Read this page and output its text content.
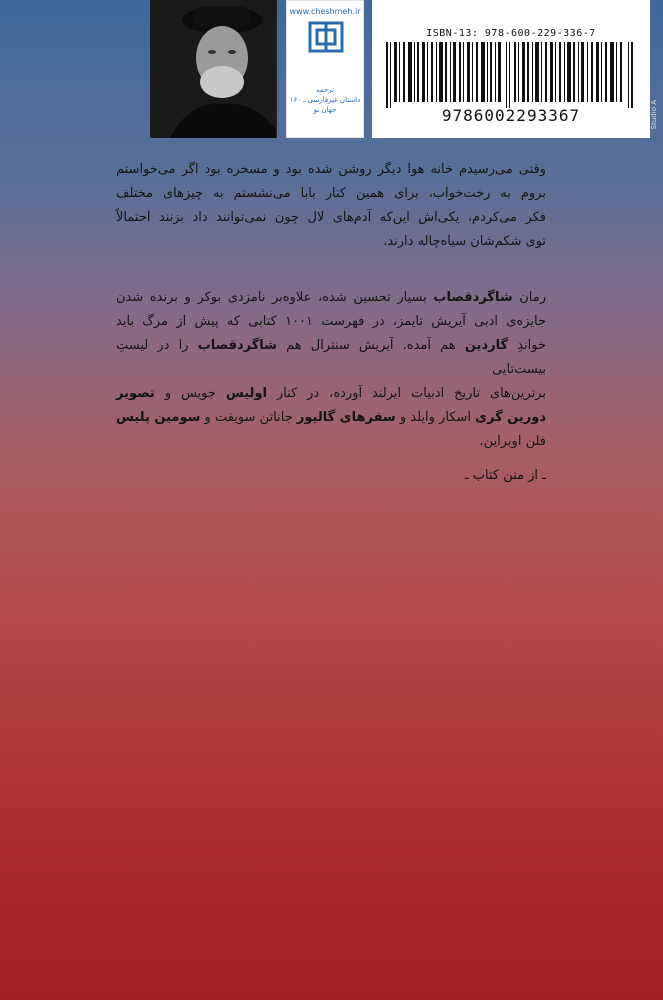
www.cheshmeh.ir
ترجمه
داستان غیرفارسی ـ ۱۶۰
جهان نو
ISBN-13: 978-600-229-336-7
9786002293367	Studio A
وقتی می‌رسیدم خانه هوا دیگر روشن شده بود و مسخره بود اگر می‌خواستم
بروم به رخت‌خواب، برای همین کنار بابا می‌نشستم به چیزهای مختلف
فکر می‌کردم، یکی‌اش این‌که آدم‌های لال چون نمی‌توانند داد بزنند احتمالاً
توی شکم‌شان سیاه‌چاله دارند.
رمان شاگردقصاب بسیار تحسین شده، علاوه‌بر نامزدی بوکر و برنده شدن
جایزه‌ی ادبی آیریش تایمز، در فهرست ۱۰۰۱ کتابی که پیش از مرگ باید
خواندِ گاردین هم آمده. آیریش سنترال هم شاگردقصاب را در لیستِ بیست‌تایی
برترین‌های تاریخ ادبیات ایرلند آورده، در کنار اولیس جویس و تصویر
دورین گری اسکار وایلد و سفرهای گالیور جاناتن سویفت و سومین پلیس
فلن اوبراین.
ـ از متن کتاب ـ
